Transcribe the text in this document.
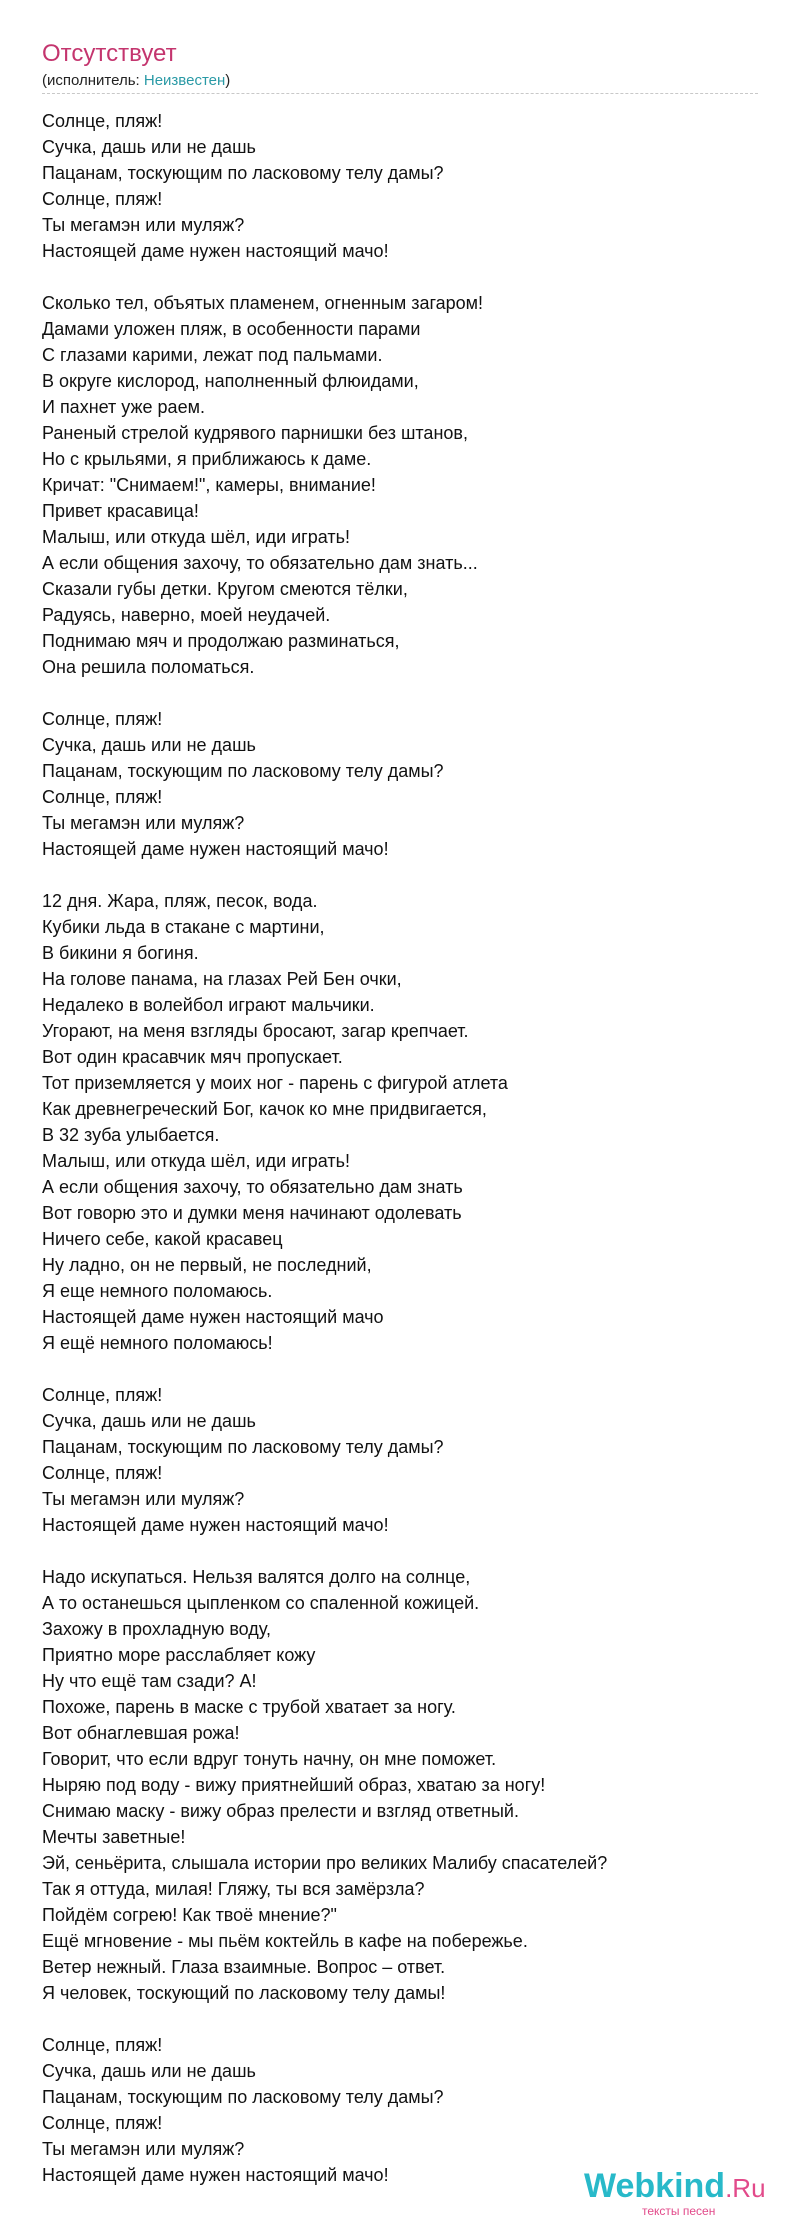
Отсутствует
(исполнитель: Неизвестен)
Солнце, пляж!
Сучка, дашь или не дашь
Пацанам, тоскующим по ласковому телу дамы?
Солнце, пляж!
Ты мегамэн или муляж?
Настоящей даме нужен настоящий мачо!
Сколько тел, объятых пламенем, огненным загаром!
Дамами уложен пляж, в особенности парами
С глазами карими, лежат под пальмами.
В округе кислород, наполненный флюидами,
И пахнет уже раем.
Раненый стрелой кудрявого парнишки без штанов,
Но с крыльями, я приближаюсь к даме.
Кричат: "Снимаем!", камеры, внимание!
Привет красавица!
Малыш, или откуда шёл, иди играть!
А если общения захочу, то обязательно дам знать...
Сказали губы детки. Кругом смеются тёлки,
Радуясь, наверно, моей неудачей.
Поднимаю мяч и продолжаю разминаться,
Она решила поломаться.
Солнце, пляж!
Сучка, дашь или не дашь
Пацанам, тоскующим по ласковому телу дамы?
Солнце, пляж!
Ты мегамэн или муляж?
Настоящей даме нужен настоящий мачо!
12 дня. Жара, пляж, песок, вода.
Кубики льда в стакане с мартини,
В бикини я богиня.
На голове панама, на глазах Рей Бен очки,
Недалеко в волейбол играют мальчики.
Угорают, на меня взгляды бросают, загар крепчает.
Вот один красавчик мяч пропускает.
Тот приземляется у моих ног - парень с фигурой атлета
Как древнегреческий Бог, качок ко мне придвигается,
В 32 зуба улыбается.
Малыш, или откуда шёл, иди играть!
А если общения захочу, то обязательно дам знать
Вот говорю это и думки меня начинают одолевать
Ничего себе, какой красавец
Ну ладно, он не первый, не последний,
Я еще немного поломаюсь.
Настоящей даме нужен настоящий мачо
Я ещё немного поломаюсь!
Солнце, пляж!
Сучка, дашь или не дашь
Пацанам, тоскующим по ласковому телу дамы?
Солнце, пляж!
Ты мегамэн или муляж?
Настоящей даме нужен настоящий мачо!
Надо искупаться. Нельзя валятся долго на солнце,
А то останешься цыпленком со спаленной кожицей.
Захожу в прохладную воду,
Приятно море расслабляет кожу
Ну что ещё там сзади? А!
Похоже, парень в маске с трубой хватает за ногу.
Вот обнаглевшая рожа!
Говорит, что если вдруг тонуть начну, он мне поможет.
Ныряю под воду - вижу приятнейший образ, хватаю за ногу!
Снимаю маску - вижу образ прелести и взгляд ответный.
Мечты заветные!
Эй, сеньёрита, слышала истории про великих Малибу спасателей?
Так я оттуда, милая! Гляжу, ты вся замёрзла?
Пойдём согрею! Как твоё мнение?"
Ещё мгновение - мы пьём коктейль в кафе на побережье.
Ветер нежный. Глаза взаимные. Вопрос – ответ.
Я человек, тоскующий по ласковому телу дамы!
Солнце, пляж!
Сучка, дашь или не дашь
Пацанам, тоскующим по ласковому телу дамы?
Солнце, пляж!
Ты мегамэн или муляж?
Настоящей даме нужен настоящий мачо!	Webkind.Ru
тексты песен
